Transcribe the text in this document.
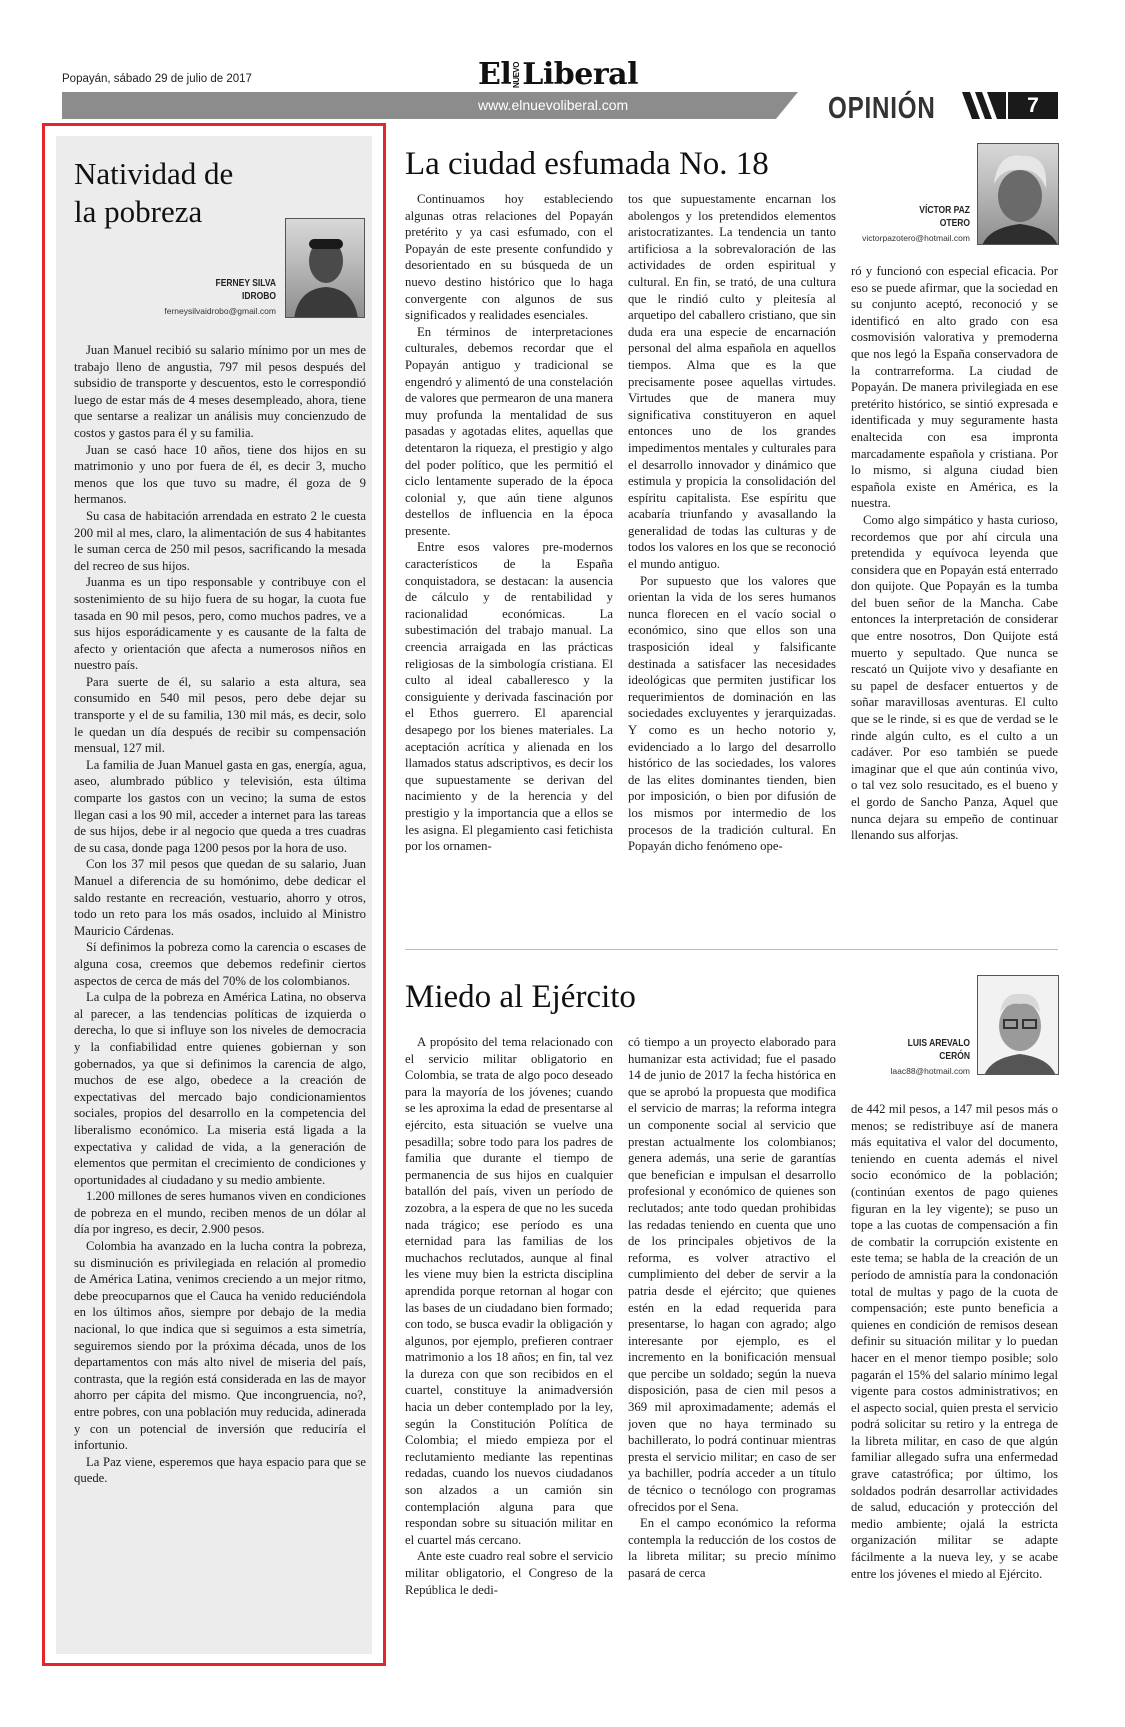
Popayán, sábado 29 de julio de 2017	ElNUEVOLiberal
www.elnuevoliberal.com	OPINIÓN	7
Natividad de
la pobreza
FERNEY SILVA
IDROBO
ferneysilvaidrobo@gmail.com

Juan Manuel recibió su salario mínimo por un mes de trabajo lleno de angustia, 797 mil pesos después del subsidio de transporte y descuentos, esto le correspondió luego de estar más de 4 meses desempleado, ahora, tiene que sentarse a realizar un análisis muy concienzudo de costos y gastos para él y su familia.

Juan se casó hace 10 años, tiene dos hijos en su matrimonio y uno por fuera de él, es decir 3, mucho menos que los que tuvo su madre, él goza de 9 hermanos.

Su casa de habitación arrendada en estrato 2 le cuesta 200 mil al mes, claro, la alimentación de sus 4 habitantes le suman cerca de 250 mil pesos, sacrificando la mesada del recreo de sus hijos.

Juanma es un tipo responsable y contribuye con el sostenimiento de su hijo fuera de su hogar, la cuota fue tasada en 90 mil pesos, pero, como muchos padres, ve a sus hijos esporádicamente y es causante de la falta de afecto y orientación que afecta a numerosos niños en nuestro país.

Para suerte de él, su salario a esta altura, sea consumido en 540 mil pesos, pero debe dejar su transporte y el de su familia, 130 mil más, es decir, solo le quedan un día después de recibir su compensación mensual, 127 mil.

La familia de Juan Manuel gasta en gas, energía, agua, aseo, alumbrado público y televisión, esta última comparte los gastos con un vecino; la suma de estos llegan casi a los 90 mil, acceder a internet para las tareas de sus hijos, debe ir al negocio que queda a tres cuadras de su casa, donde paga 1200 pesos por la hora de uso.

Con los 37 mil pesos que quedan de su salario, Juan Manuel a diferencia de su homónimo, debe dedicar el saldo restante en recreación, vestuario, ahorro y otros, todo un reto para los más osados, incluido al Ministro Mauricio Cárdenas.

Sí definimos la pobreza como la carencia o escases de alguna cosa, creemos que debemos redefinir ciertos aspectos de cerca de más del 70% de los colombianos.

La culpa de la pobreza en América Latina, no observa al parecer, a las tendencias políticas de izquierda o derecha, lo que si influye son los niveles de democracia y la confiabilidad entre quienes gobiernan y son gobernados, ya que si definimos la carencia de algo, muchos de ese algo, obedece a la creación de expectativas del mercado bajo condicionamientos sociales, propios del desarrollo en la competencia del liberalismo económico. La miseria está ligada a la expectativa y calidad de vida, a la generación de elementos que permitan el crecimiento de condiciones y oportunidades al ciudadano y su medio ambiente.

1.200 millones de seres humanos viven en condiciones de pobreza en el mundo, reciben menos de un dólar al día por ingreso, es decir, 2.900 pesos.

Colombia ha avanzado en la lucha contra la pobreza, su disminución es privilegiada en relación al promedio de América Latina, venimos creciendo a un mejor ritmo, debe preocuparnos que el Cauca ha venido reduciéndola en los últimos años, siempre por debajo de la media nacional, lo que indica que si seguimos a esta simetría, seguiremos siendo por la próxima década, unos de los departamentos con más alto nivel de miseria del país, contrasta, que la región está considerada en las de mayor ahorro per cápita del mismo. Que incongruencia, no?, entre pobres, con una población muy reducida, adinerada y con un potencial de inversión que reduciría el infortunio.

La Paz viene, esperemos que haya espacio para que se quede.

La ciudad esfumada No. 18
VÍCTOR PAZ
OTERO
victorpazotero@hotmail.com

Continuamos hoy estableciendo algunas otras relaciones del Popayán pretérito y ya casi esfumado, con el Popayán de este presente confundido y desorientado en su búsqueda de un nuevo destino histórico que lo haga convergente con algunos de sus significados y realidades esenciales.

En términos de interpretaciones culturales, debemos recordar que el Popayán antiguo y tradicional se engendró y alimentó de una constelación de valores que permearon de una manera muy profunda la mentalidad de sus pasadas y agotadas elites, aquellas que detentaron la riqueza, el prestigio y algo del poder político, que les permitió el ciclo lentamente superado de la época colonial y, que aún tiene algunos destellos de influencia en la época presente.

Entre esos valores pre-modernos característicos de la España conquistadora, se destacan: la ausencia de cálculo y de rentabilidad y racionalidad económicas. La subestimación del trabajo manual. La creencia arraigada en las prácticas religiosas de la simbología cristiana. El culto al ideal caballeresco y la consiguiente y derivada fascinación por el Ethos guerrero. El aparencial desapego por los bienes materiales. La aceptación acrítica y alienada en los llamados status adscriptivos, es decir los que supuestamente se derivan del nacimiento y de la herencia y del prestigio y la importancia que a ellos se les asigna. El plegamiento casi fetichista por los ornamen-

tos que supuestamente encarnan los abolengos y los pretendidos elementos aristocratizantes. La tendencia un tanto artificiosa a la sobrevaloración de las actividades de orden espiritual y cultural. En fin, se trató, de una cultura que le rindió culto y pleitesía al arquetipo del caballero cristiano, que sin duda era una especie de encarnación personal del alma española en aquellos tiempos. Alma que es la que precisamente posee aquellas virtudes. Virtudes que de manera muy significativa constituyeron en aquel entonces uno de los grandes impedimentos mentales y culturales para el desarrollo innovador y dinámico que estimula y propicia la consolidación del espíritu capitalista. Ese espíritu que acabaría triunfando y avasallando la generalidad de todas las culturas y de todos los valores en los que se reconoció el mundo antiguo.

Por supuesto que los valores que orientan la vida de los seres humanos nunca florecen en el vacío social o económico, sino que ellos son una trasposición ideal y falsificante destinada a satisfacer las necesidades ideológicas que permiten justificar los requerimientos de dominación en las sociedades excluyentes y jerarquizadas. Y como es un hecho notorio y, evidenciado a lo largo del desarrollo histórico de las sociedades, los valores de las elites dominantes tienden, bien por imposición, o bien por difusión de los mismos por intermedio de los procesos de la tradición cultural. En Popayán dicho fenómeno ope-

ró y funcionó con especial eficacia. Por eso se puede afirmar, que la sociedad en su conjunto aceptó, reconoció y se identificó en alto grado con esa cosmovisión valorativa y premoderna que nos legó la España conservadora de la contrarreforma. La ciudad de Popayán. De manera privilegiada en ese pretérito histórico, se sintió expresada e identificada y muy seguramente hasta enaltecida con esa impronta marcadamente española y cristiana. Por lo mismo, si alguna ciudad bien española existe en América, es la nuestra.

Como algo simpático y hasta curioso, recordemos que por ahí circula una pretendida y equívoca leyenda que considera que en Popayán está enterrado don quijote. Que Popayán es la tumba del buen señor de la Mancha. Cabe entonces la interpretación de considerar que entre nosotros, Don Quijote está muerto y sepultado. Que nunca se rescató un Quijote vivo y desafiante en su papel de desfacer entuertos y de soñar maravillosas aventuras. El culto que se le rinde, si es que de verdad se le rinde algún culto, es el culto a un cadáver. Por eso también se puede imaginar que el que aún continúa vivo, o tal vez solo resucitado, es el bueno y el gordo de Sancho Panza, Aquel que nunca dejara su empeño de continuar llenando sus alforjas.

Miedo al Ejército
LUIS AREVALO
CERÓN
laac88@hotmail.com

A propósito del tema relacionado con el servicio militar obligatorio en Colombia, se trata de algo poco deseado para la mayoría de los jóvenes; cuando se les aproxima la edad de presentarse al ejército, esta situación se vuelve una pesadilla; sobre todo para los padres de familia que durante el tiempo de permanencia de sus hijos en cualquier batallón del país, viven un período de zozobra, a la espera de que no les suceda nada trágico; ese período es una eternidad para las familias de los muchachos reclutados, aunque al final les viene muy bien la estricta disciplina aprendida porque retornan al hogar con las bases de un ciudadano bien formado; con todo, se busca evadir la obligación y algunos, por ejemplo, prefieren contraer matrimonio a los 18 años; en fin, tal vez la dureza con que son recibidos en el cuartel, constituye la animadversión hacia un deber contemplado por la ley, según la Constitución Política de Colombia; el miedo empieza por el reclutamiento mediante las repentinas redadas, cuando los nuevos ciudadanos son alzados a un camión sin contemplación alguna para que respondan sobre su situación militar en el cuartel más cercano.

Ante este cuadro real sobre el servicio militar obligatorio, el Congreso de la República le dedi-

có tiempo a un proyecto elaborado para humanizar esta actividad; fue el pasado 14 de junio de 2017 la fecha histórica en que se aprobó la propuesta que modifica el servicio de marras; la reforma integra un componente social al servicio que prestan actualmente los colombianos; genera además, una serie de garantías que benefician e impulsan el desarrollo profesional y económico de quienes son reclutados; ante todo quedan prohibidas las redadas teniendo en cuenta que uno de los principales objetivos de la reforma, es volver atractivo el cumplimiento del deber de servir a la patria desde el ejército; que quienes estén en la edad requerida para presentarse, lo hagan con agrado; algo interesante por ejemplo, es el incremento en la bonificación mensual que percibe un soldado; según la nueva disposición, pasa de cien mil pesos a 369 mil aproximadamente; además el joven que no haya terminado su bachillerato, lo podrá continuar mientras presta el servicio militar; en caso de ser ya bachiller, podría acceder a un título de técnico o tecnólogo con programas ofrecidos por el Sena.

En el campo económico la reforma contempla la reducción de los costos de la libreta militar; su precio mínimo pasará de cerca

de 442 mil pesos, a 147 mil pesos más o menos; se redistribuye así de manera más equitativa el valor del documento, teniendo en cuenta además el nivel socio económico de la población; (continúan exentos de pago quienes figuran en la ley vigente); se puso un tope a las cuotas de compensación a fin de combatir la corrupción existente en este tema; se habla de la creación de un período de amnistía para la condonación total de multas y pago de la cuota de compensación; este punto beneficia a quienes en condición de remisos desean definir su situación militar y lo puedan hacer en el menor tiempo posible; solo pagarán el 15% del salario mínimo legal vigente para costos administrativos; en el aspecto social, quien presta el servicio podrá solicitar su retiro y la entrega de la libreta militar, en caso de que algún familiar allegado sufra una enfermedad grave catastrófica; por último, los soldados podrán desarrollar actividades de salud, educación y protección del medio ambiente; ojalá la estricta organización militar se adapte fácilmente a la nueva ley, y se acabe entre los jóvenes el miedo al Ejército.
